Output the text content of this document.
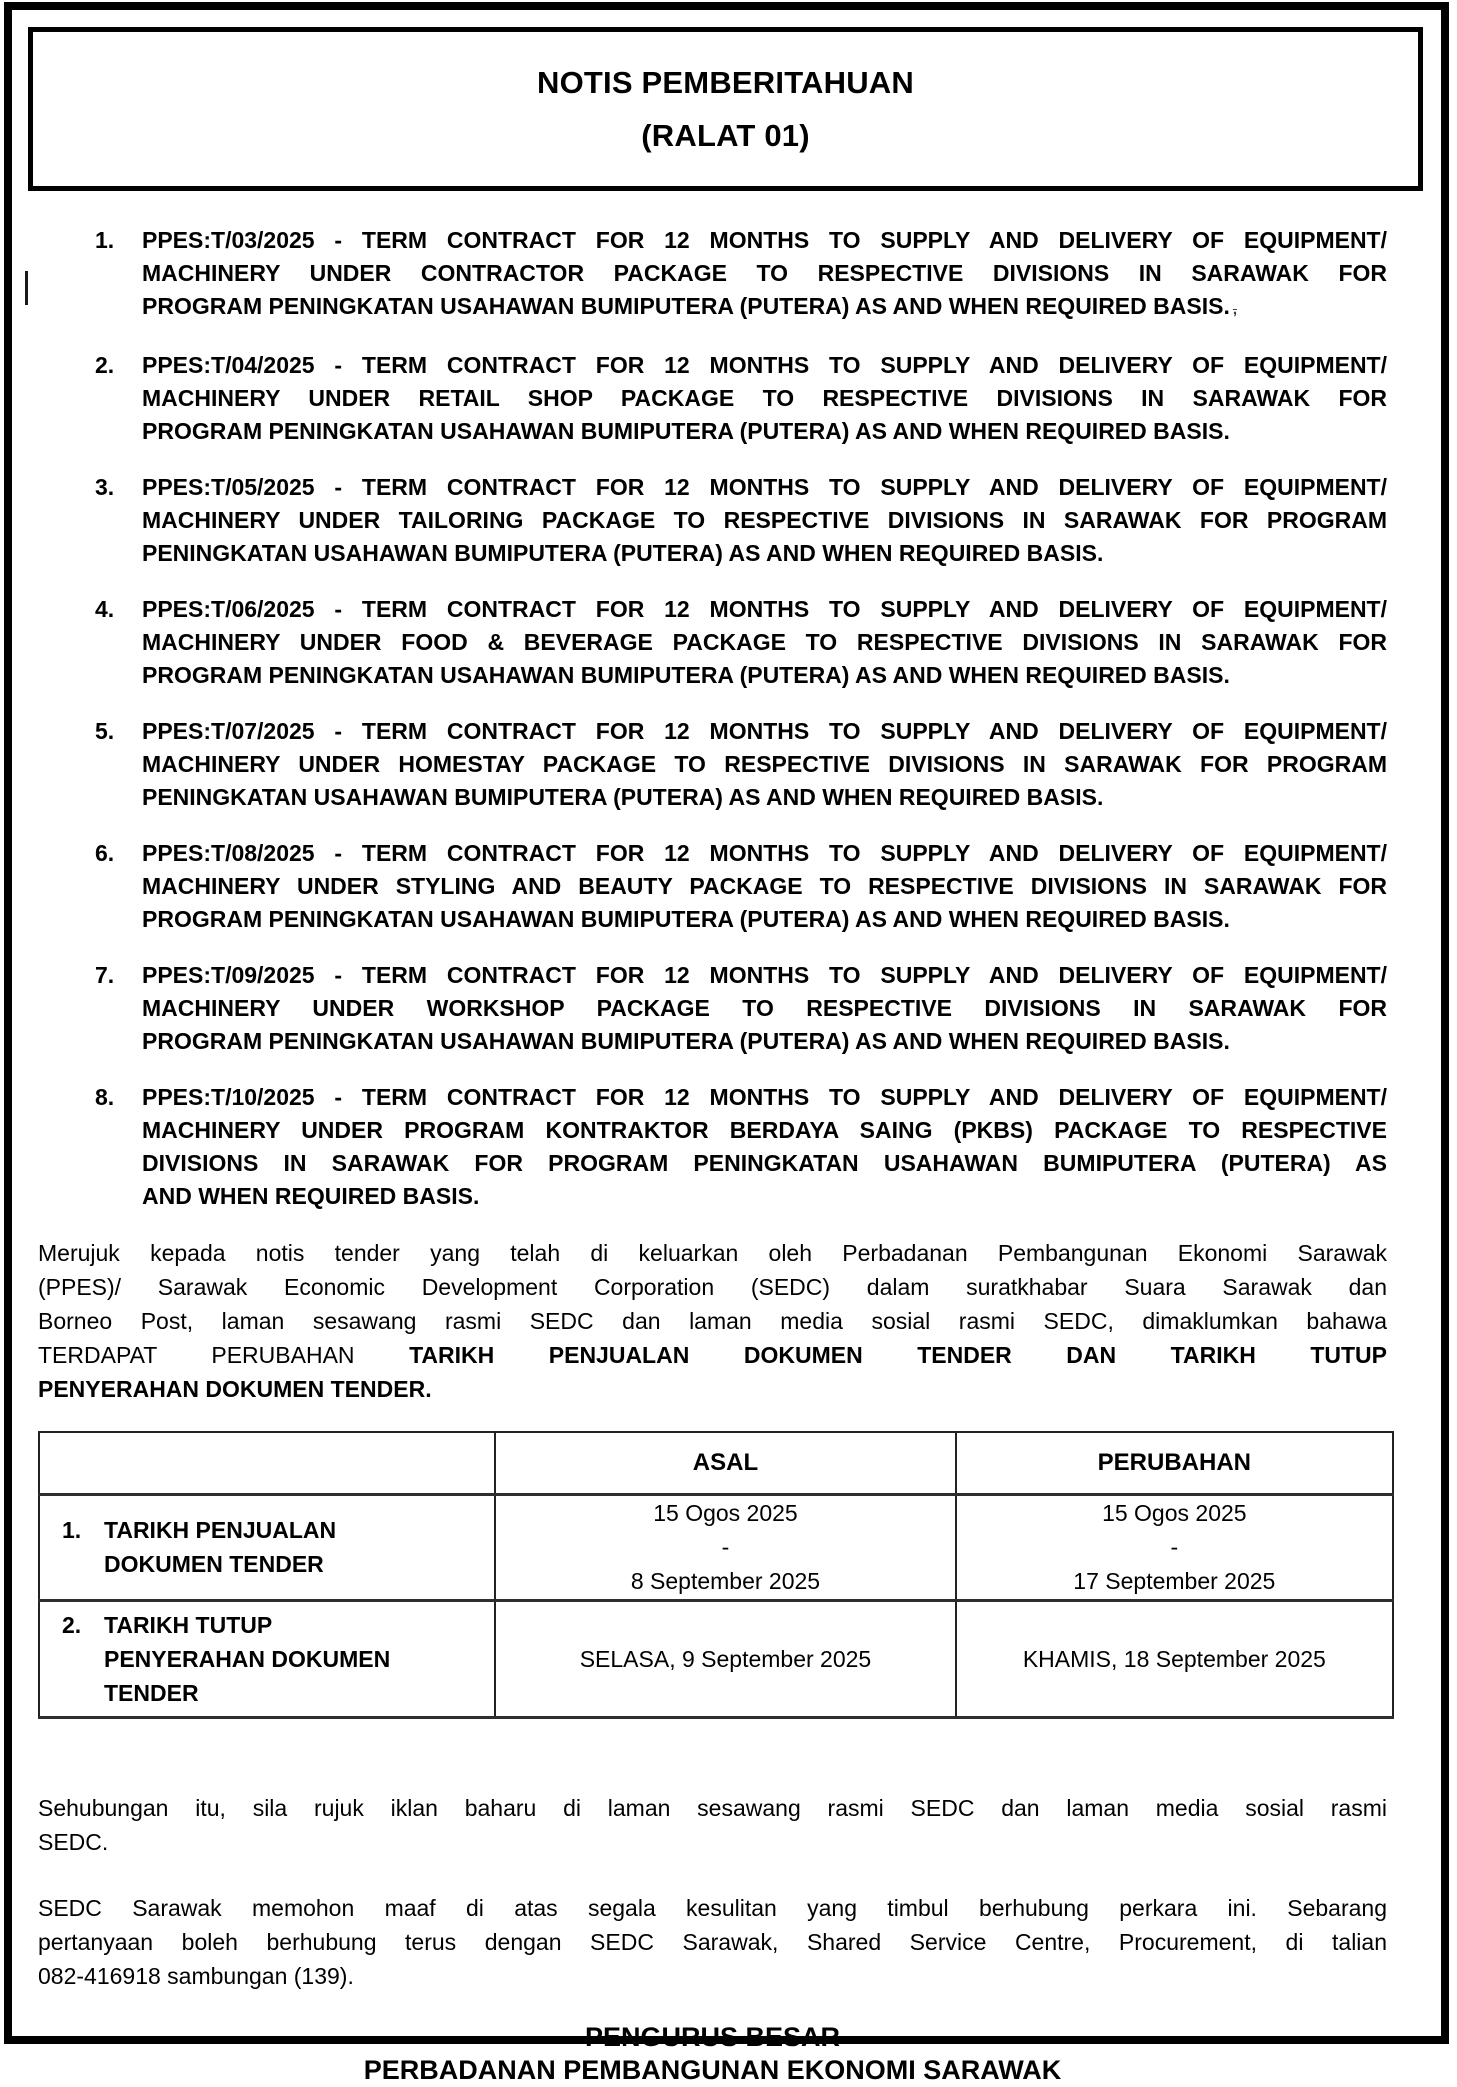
NOTIS PEMBERITAHUAN
(RALAT 01)
1.	PPES:T/03/2025 - TERM CONTRACT FOR 12 MONTHS TO SUPPLY AND DELIVERY OF EQUIPMENT/
MACHINERY UNDER CONTRACTOR PACKAGE TO RESPECTIVE DIVISIONS IN SARAWAK FOR
PROGRAM PENINGKATAN USAHAWAN BUMIPUTERA (PUTERA) AS AND WHEN REQUIRED BASIS. ,
2.	PPES:T/04/2025 - TERM CONTRACT FOR 12 MONTHS TO SUPPLY AND DELIVERY OF EQUIPMENT/
MACHINERY UNDER RETAIL SHOP PACKAGE TO RESPECTIVE DIVISIONS IN SARAWAK FOR
PROGRAM PENINGKATAN USAHAWAN BUMIPUTERA (PUTERA) AS AND WHEN REQUIRED BASIS.
3.	PPES:T/05/2025 - TERM CONTRACT FOR 12 MONTHS TO SUPPLY AND DELIVERY OF EQUIPMENT/
MACHINERY UNDER TAILORING PACKAGE TO RESPECTIVE DIVISIONS IN SARAWAK FOR PROGRAM
PENINGKATAN USAHAWAN BUMIPUTERA (PUTERA) AS AND WHEN REQUIRED BASIS.
4.	PPES:T/06/2025 - TERM CONTRACT FOR 12 MONTHS TO SUPPLY AND DELIVERY OF EQUIPMENT/
MACHINERY UNDER FOOD & BEVERAGE PACKAGE TO RESPECTIVE DIVISIONS IN SARAWAK FOR
PROGRAM PENINGKATAN USAHAWAN BUMIPUTERA (PUTERA) AS AND WHEN REQUIRED BASIS.
5.	PPES:T/07/2025 - TERM CONTRACT FOR 12 MONTHS TO SUPPLY AND DELIVERY OF EQUIPMENT/
MACHINERY UNDER HOMESTAY PACKAGE TO RESPECTIVE DIVISIONS IN SARAWAK FOR PROGRAM
PENINGKATAN USAHAWAN BUMIPUTERA (PUTERA) AS AND WHEN REQUIRED BASIS.
6.	PPES:T/08/2025 - TERM CONTRACT FOR 12 MONTHS TO SUPPLY AND DELIVERY OF EQUIPMENT/
MACHINERY UNDER STYLING AND BEAUTY PACKAGE TO RESPECTIVE DIVISIONS IN SARAWAK FOR
PROGRAM PENINGKATAN USAHAWAN BUMIPUTERA (PUTERA) AS AND WHEN REQUIRED BASIS.
7.	PPES:T/09/2025 - TERM CONTRACT FOR 12 MONTHS TO SUPPLY AND DELIVERY OF EQUIPMENT/
MACHINERY UNDER WORKSHOP PACKAGE TO RESPECTIVE DIVISIONS IN SARAWAK FOR
PROGRAM PENINGKATAN USAHAWAN BUMIPUTERA (PUTERA) AS AND WHEN REQUIRED BASIS.
8.	PPES:T/10/2025 - TERM CONTRACT FOR 12 MONTHS TO SUPPLY AND DELIVERY OF EQUIPMENT/
MACHINERY UNDER PROGRAM KONTRAKTOR BERDAYA SAING (PKBS) PACKAGE TO RESPECTIVE
DIVISIONS IN SARAWAK FOR PROGRAM PENINGKATAN USAHAWAN BUMIPUTERA (PUTERA) AS
AND WHEN REQUIRED BASIS.
Merujuk kepada notis tender yang telah di keluarkan oleh Perbadanan Pembangunan Ekonomi Sarawak
(PPES)/ Sarawak Economic Development Corporation (SEDC) dalam suratkhabar Suara Sarawak dan
Borneo Post, laman sesawang rasmi SEDC dan laman media sosial rasmi SEDC, dimaklumkan bahawa
TERDAPAT PERUBAHAN TARIKH PENJUALAN DOKUMEN TENDER DAN TARIKH TUTUP
PENYERAHAN DOKUMEN TENDER.
	ASAL	PERUBAHAN

1. TARIKH PENJUALAN
DOKUMEN TENDER	15 Ogos 2025
-
8 September 2025	15 Ogos 2025
-
17 September 2025

2. TARIKH TUTUP
PENYERAHAN DOKUMEN
TENDER	SELASA, 9 September 2025	KHAMIS, 18 September 2025
Sehubungan itu, sila rujuk iklan baharu di laman sesawang rasmi SEDC dan laman media sosial rasmi
SEDC.
SEDC Sarawak memohon maaf di atas segala kesulitan yang timbul berhubung perkara ini. Sebarang
pertanyaan boleh berhubung terus dengan SEDC Sarawak, Shared Service Centre, Procurement, di talian
082-416918 sambungan (139).
PENGURUS BESAR
PERBADANAN PEMBANGUNAN EKONOMI SARAWAK
